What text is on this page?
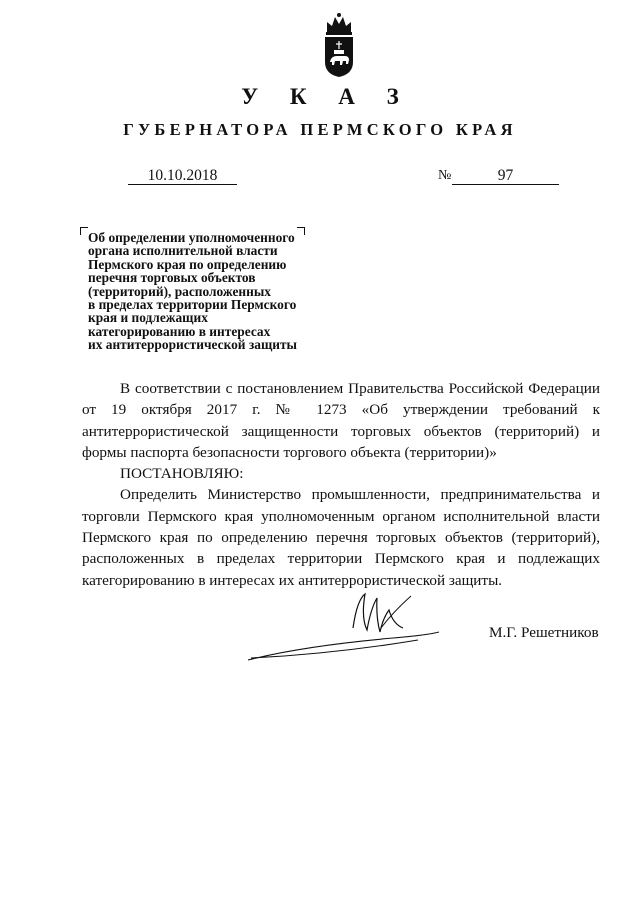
У К А З
ГУБЕРНАТОРА ПЕРМСКОГО КРАЯ
10.10.2018	№	97

Об определении уполномоченного
органа исполнительной власти
Пермского края по определению
перечня торговых объектов
(территорий), расположенных
в пределах территории Пермского
края и подлежащих
категорированию в интересах
их антитеррористической защиты

В соответствии с постановлением Правительства Российской Федерации от 19 октября 2017 г. № 1273 «Об утверждении требований к антитеррористической защищенности торговых объектов (территорий) и формы паспорта безопасности торгового объекта (территории)»

ПОСТАНОВЛЯЮ:

Определить Министерство промышленности, предпринимательства и торговли Пермского края уполномоченным органом исполнительной власти Пермского края по определению перечня торговых объектов (территорий), расположенных в пределах территории Пермского края и подлежащих категорированию в интересах их антитеррористической защиты.

М.Г. Решетников
